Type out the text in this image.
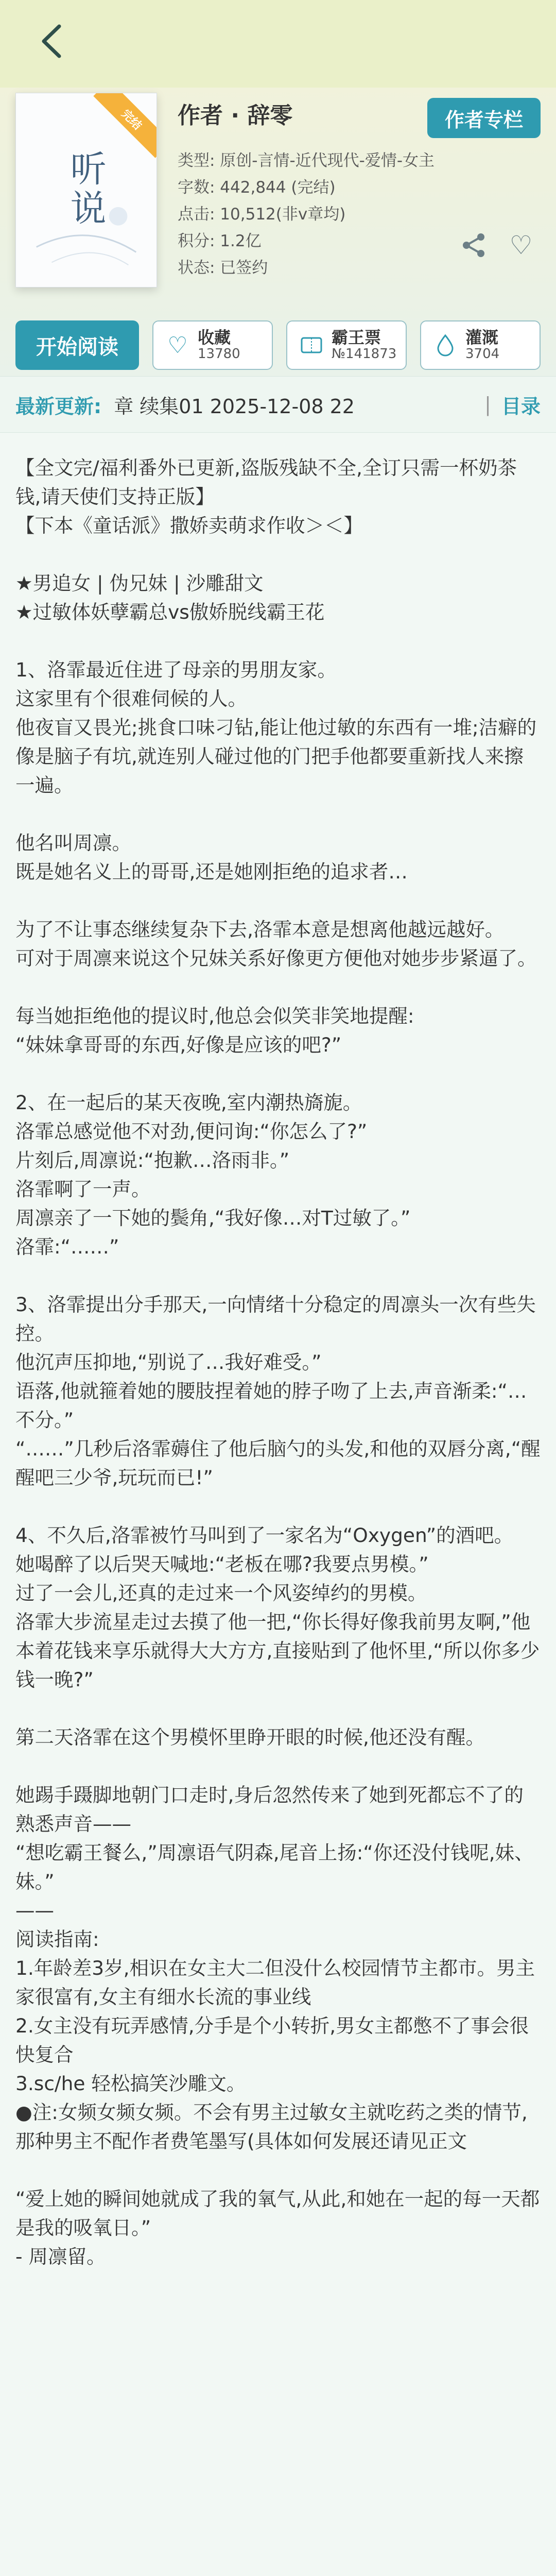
听说
完结	作者 · 辞零	作者专栏
类型: 原创-言情-近代现代-爱情-女主
字数: 442,844 (完结)
点击: 10,512(非v章均)
积分: 1.2亿
状态: 已签约
♡
开始阅读	♡ 收藏
13780
霸王票
№141873
灌溉
3704
最新更新: 章 续集01 2025-12-08 22	| 目录

【全文完/福利番外已更新,盗版残缺不全,全订只需一杯奶茶钱,请天使们支持正版】

【下本《童话派》撒娇卖萌求作收＞＜】

★男追女 | 伪兄妹 | 沙雕甜文

★过敏体妖孽霸总vs傲娇脱线霸王花

1、洛霏最近住进了母亲的男朋友家。

这家里有个很难伺候的人。

他夜盲又畏光;挑食口味刁钻,能让他过敏的东西有一堆;洁癖的像是脑子有坑,就连别人碰过他的门把手他都要重新找人来擦一遍。

他名叫周凛。

既是她名义上的哥哥,还是她刚拒绝的追求者…

为了不让事态继续复杂下去,洛霏本意是想离他越远越好。

可对于周凛来说这个兄妹关系好像更方便他对她步步紧逼了。

每当她拒绝他的提议时,他总会似笑非笑地提醒:

“妹妹拿哥哥的东西,好像是应该的吧?”

2、在一起后的某天夜晚,室内潮热旖旎。

洛霏总感觉他不对劲,便问询:“你怎么了?”

片刻后,周凛说:“抱歉…洛雨非。”

洛霏啊了一声。

周凛亲了一下她的鬓角,“我好像…对T过敏了。”

洛霏:“……”

3、洛霏提出分手那天,一向情绪十分稳定的周凛头一次有些失控。

他沉声压抑地,“别说了…我好难受。”

语落,他就箍着她的腰肢捏着她的脖子吻了上去,声音渐柔:“…不分。”

“……”几秒后洛霏薅住了他后脑勺的头发,和他的双唇分离,“醒醒吧三少爷,玩玩而已!”

4、不久后,洛霏被竹马叫到了一家名为“Oxygen”的酒吧。

她喝醉了以后哭天喊地:“老板在哪?我要点男模。”

过了一会儿,还真的走过来一个风姿绰约的男模。

洛霏大步流星走过去摸了他一把,“你长得好像我前男友啊,”他本着花钱来享乐就得大大方方,直接贴到了他怀里,“所以你多少钱一晚?”

第二天洛霏在这个男模怀里睁开眼的时候,他还没有醒。

她踢手蹑脚地朝门口走时,身后忽然传来了她到死都忘不了的熟悉声音——

“想吃霸王餐么,”周凛语气阴森,尾音上扬:“你还没付钱呢,妹、妹。”

——

阅读指南:

1.年龄差3岁,相识在女主大二但没什么校园情节主都市。男主家很富有,女主有细水长流的事业线

2.女主没有玩弄感情,分手是个小转折,男女主都憋不了事会很快复合

3.sc/he 轻松搞笑沙雕文。

●注:女频女频女频。不会有男主过敏女主就吃药之类的情节,那种男主不配作者费笔墨写(具体如何发展还请见正文

“爱上她的瞬间她就成了我的氧气,从此,和她在一起的每一天都是我的吸氧日。”

- 周凛留。
